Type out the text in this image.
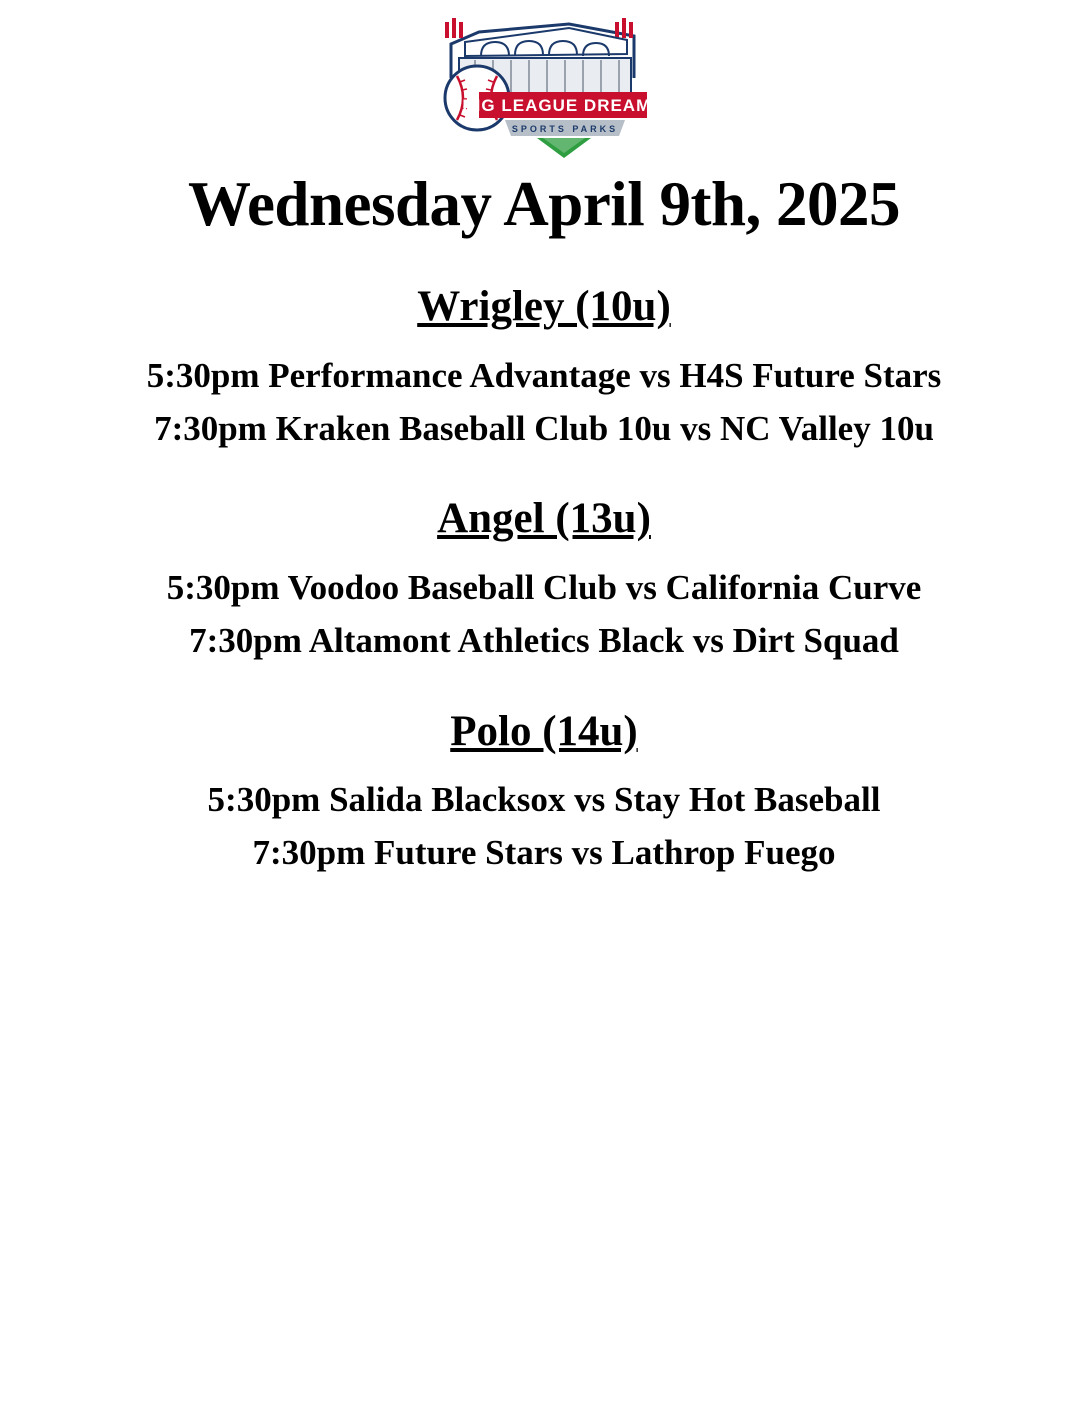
BIG LEAGUE DREAMS
SPORTS PARKS
Wednesday April 9th, 2025
Wrigley (10u)

5:30pm Performance Advantage vs H4S Future Stars

7:30pm Kraken Baseball Club 10u vs NC Valley 10u

Angel (13u)

5:30pm Voodoo Baseball Club vs California Curve

7:30pm Altamont Athletics Black vs Dirt Squad

Polo (14u)

5:30pm Salida Blacksox vs Stay Hot Baseball

7:30pm Future Stars vs Lathrop Fuego
